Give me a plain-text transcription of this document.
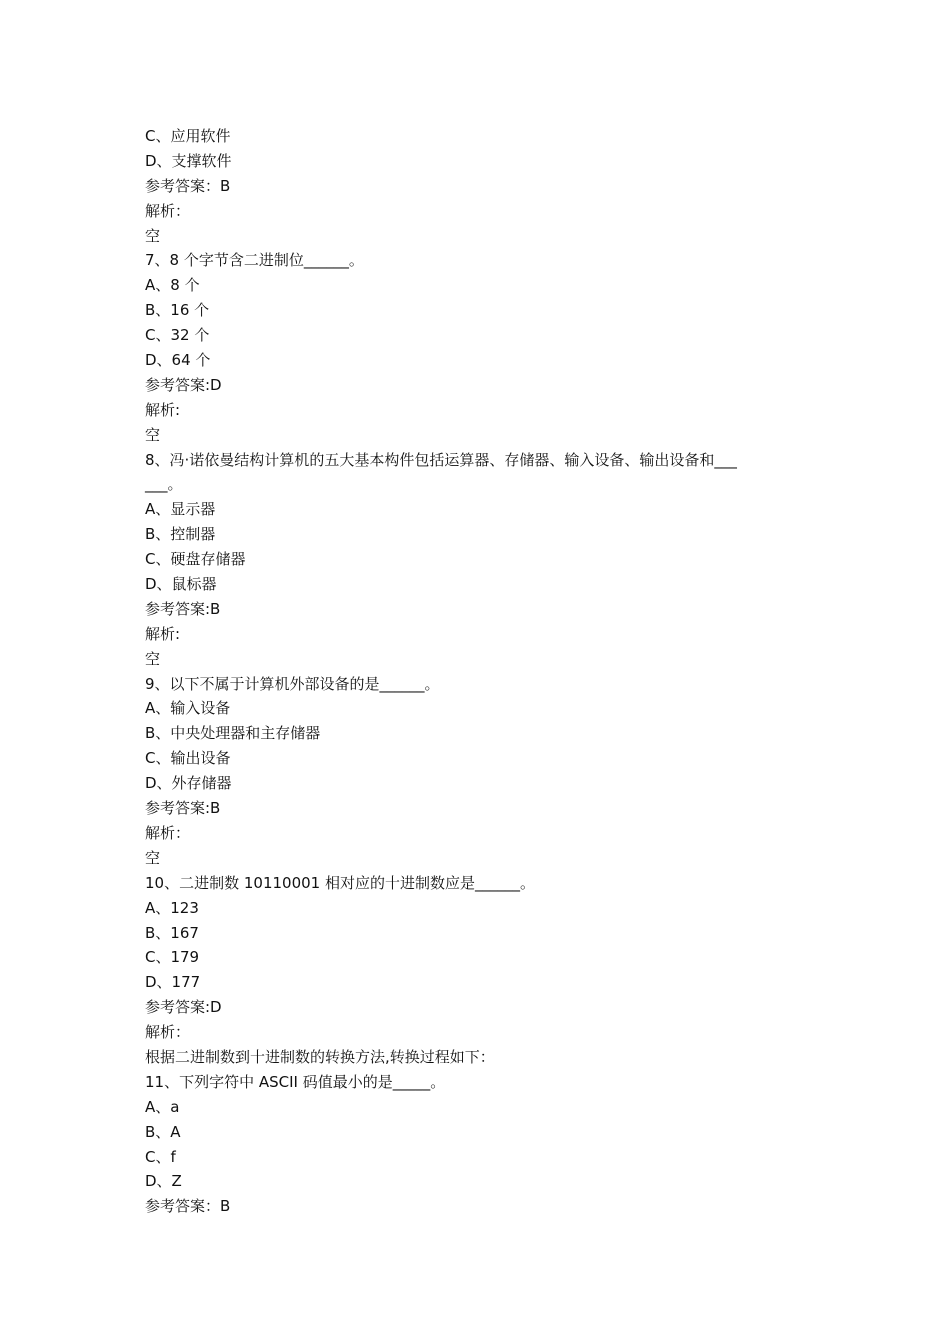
C、应用软件
D、支撑软件
参考答案：B
解析：
空
7、8 个字节含二进制位______。
A、8 个
B、16 个
C、32 个
D、64 个
参考答案:D
解析:
空
8、冯·诺依曼结构计算机的五大基本构件包括运算器、存储器、输入设备、输出设备和___
___。
A、显示器
B、控制器
C、硬盘存储器
D、鼠标器
参考答案:B
解析:
空
9、以下不属于计算机外部设备的是______。
A、输入设备
B、中央处理器和主存储器
C、输出设备
D、外存储器
参考答案:B
解析：
空
10、二进制数 10110001 相对应的十进制数应是______。
A、123
B、167
C、179
D、177
参考答案:D
解析：
根据二进制数到十进制数的转换方法,转换过程如下：
11、下列字符中 ASCII 码值最小的是_____。
A、a
B、A
C、f
D、Z
参考答案：B
